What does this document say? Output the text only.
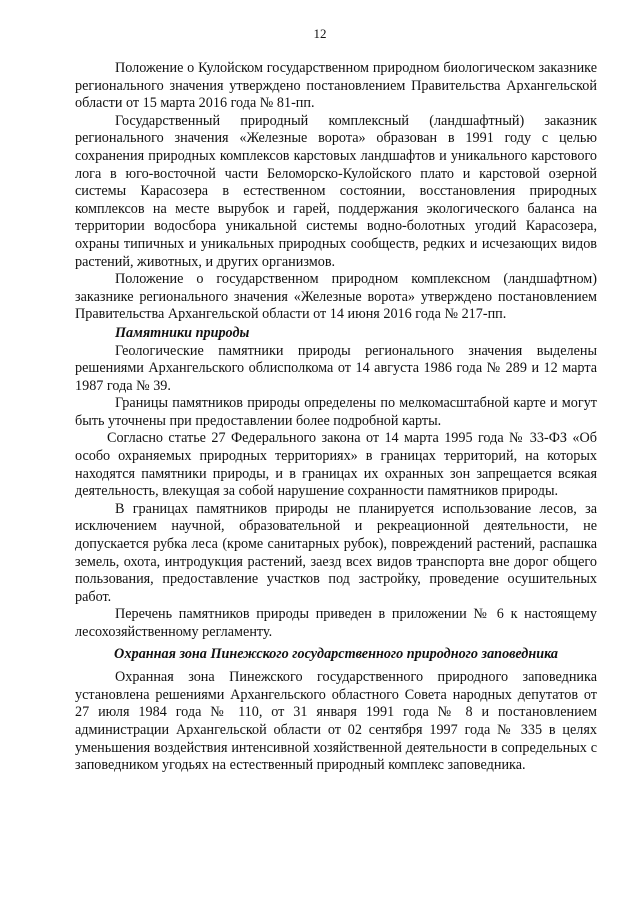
12

Положение о Кулойском государственном природном биологическом заказнике регионального значения утверждено постановлением Правительства Архангельской области от 15 марта 2016 года № 81-пп.

Государственный природный комплексный (ландшафтный) заказник регионального значения «Железные ворота» образован в 1991 году с целью сохранения природных комплексов карстовых ландшафтов и уникального карстового лога в юго-восточной части Беломорско-Кулойского плато и карстовой озерной системы Карасозера в естественном состоянии, восстановления природных комплексов на месте вырубок и гарей, поддержания экологического баланса на территории водосбора уникальной системы водно-болотных угодий Карасозера, охраны типичных и уникальных природных сообществ, редких и исчезающих видов растений, животных, и других организмов.

Положение о государственном природном комплексном (ландшафтном) заказнике регионального значения «Железные ворота» утверждено постановлением Правительства Архангельской области от 14 июня 2016 года № 217-пп.

Памятники природы

Геологические памятники природы регионального значения выделены решениями Архангельского облисполкома от 14 августа 1986 года № 289 и 12 марта 1987 года № 39.

Границы памятников природы определены по мелкомасштабной карте и могут быть уточнены при предоставлении более подробной карты.

Согласно статье 27 Федерального закона от 14 марта 1995 года № 33-ФЗ «Об особо охраняемых природных территориях» в границах территорий, на которых находятся памятники природы, и в границах их охранных зон запрещается всякая деятельность, влекущая за собой нарушение сохранности памятников природы.

В границах памятников природы не планируется использование лесов, за исключением научной, образовательной и рекреационной деятельности, не допускается рубка леса (кроме санитарных рубок), повреждений растений, распашка земель, охота, интродукция растений, заезд всех видов транспорта вне дорог общего пользования, предоставление участков под застройку, проведение осушительных работ.

Перечень памятников природы приведен в приложении № 6 к настоящему лесохозяйственному регламенту.

Охранная зона Пинежского государственного природного заповедника

Охранная зона Пинежского государственного природного заповедника установлена решениями Архангельского областного Совета народных депутатов от 27 июля 1984 года № 110, от 31 января 1991 года № 8 и постановлением администрации Архангельской области от 02 сентября 1997 года № 335 в целях уменьшения воздействия интенсивной хозяйственной деятельности в сопредельных с заповедником угодьях на естественный природный комплекс заповедника.
